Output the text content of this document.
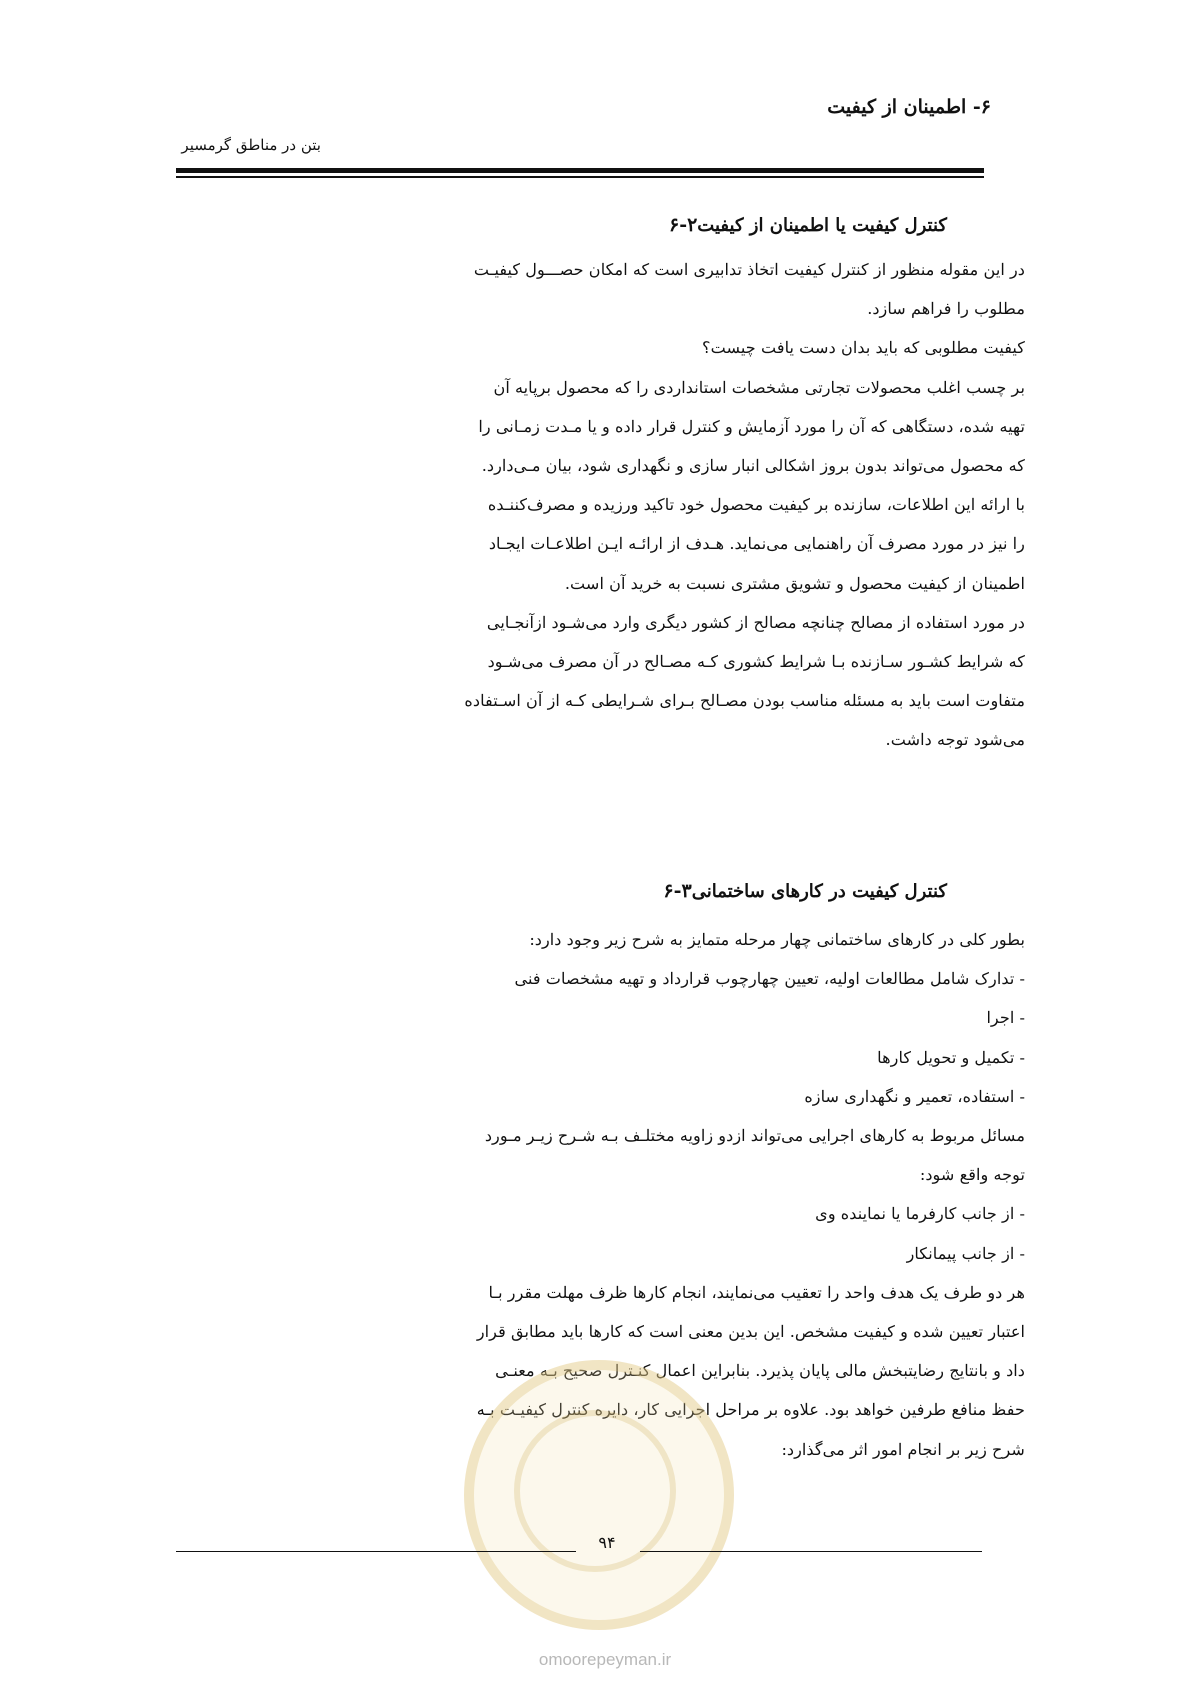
۶- اطمینان از کیفیت
بتن در مناطق گرمسیر
۶-۲ کنترل کیفیت یا اطمینان از کیفیت

در این مقوله منظور از کنترل کیفیت اتخاذ تدابیری است که امکان حصـــول کیفیـت

مطلوب را فراهم سازد.

کیفیت مطلوبی که باید بدان دست یافت چیست؟

بر چسب اغلب محصولات تجارتی مشخصات استانداردی را که محصول برپایه آن

تهیه شده، دستگاهی که آن را مورد آزمایش و کنترل قرار داده و یا مـدت زمـانی را

که محصول می‌تواند بدون بروز اشکالی انبار سازی و نگهداری شود، بیان مـی‌دارد.

با ارائه این اطلاعات، سازنده بر کیفیت محصول خود تاکید ورزیده و مصرف‌کننـده

را نیز در مورد مصرف آن راهنمایی می‌نماید. هـدف از ارائـه ایـن اطلاعـات ایجـاد

اطمینان از کیفیت محصول و تشویق مشتری نسبت به خرید آن است.

در مورد استفاده از مصالح چنانچه مصالح از کشور دیگری وارد می‌شـود ازآنجـایی

که شرایط کشـور سـازنده بـا شرایط کشوری کـه مصـالح در آن مصرف می‌شـود

متفاوت است باید به مسئله مناسب بودن مصـالح بـرای شـرایطی کـه از آن اسـتفاده

می‌شود توجه داشت.

۶-۳ کنترل کیفیت در کارهای ساختمانی

بطور کلی در کارهای ساختمانی چهار مرحله متمایز به شرح زیر وجود دارد:

- تدارک شامل مطالعات اولیه، تعیین چهارچوب قرارداد و تهیه مشخصات فنی

- اجرا

- تکمیل و تحویل کارها

- استفاده، تعمیر و نگهداری سازه

مسائل مربوط به کارهای اجرایی می‌تواند ازدو زاویه مختلـف بـه شـرح زیـر مـورد

توجه واقع شود:

- از جانب کارفرما یا نماینده وی

- از جانب پیمانکار

هر دو طرف یک هدف واحد را تعقیب می‌نمایند، انجام کارها ظرف مهلت مقرر بـا

اعتبار تعیین شده و کیفیت مشخص. این بدین معنی است که کارها باید مطابق قرار

داد و بانتایج رضایتبخش مالی پایان پذیرد. بنابراین اعمال کنـترل صحیح بـه معنـی

حفظ منافع طرفین خواهد بود. علاوه بر مراحل اجرایی کار، دایره کنترل کیفیـت بـه

شرح زیر بر انجام امور اثر می‌گذارد:

۹۴
omoorepeyman.ir
